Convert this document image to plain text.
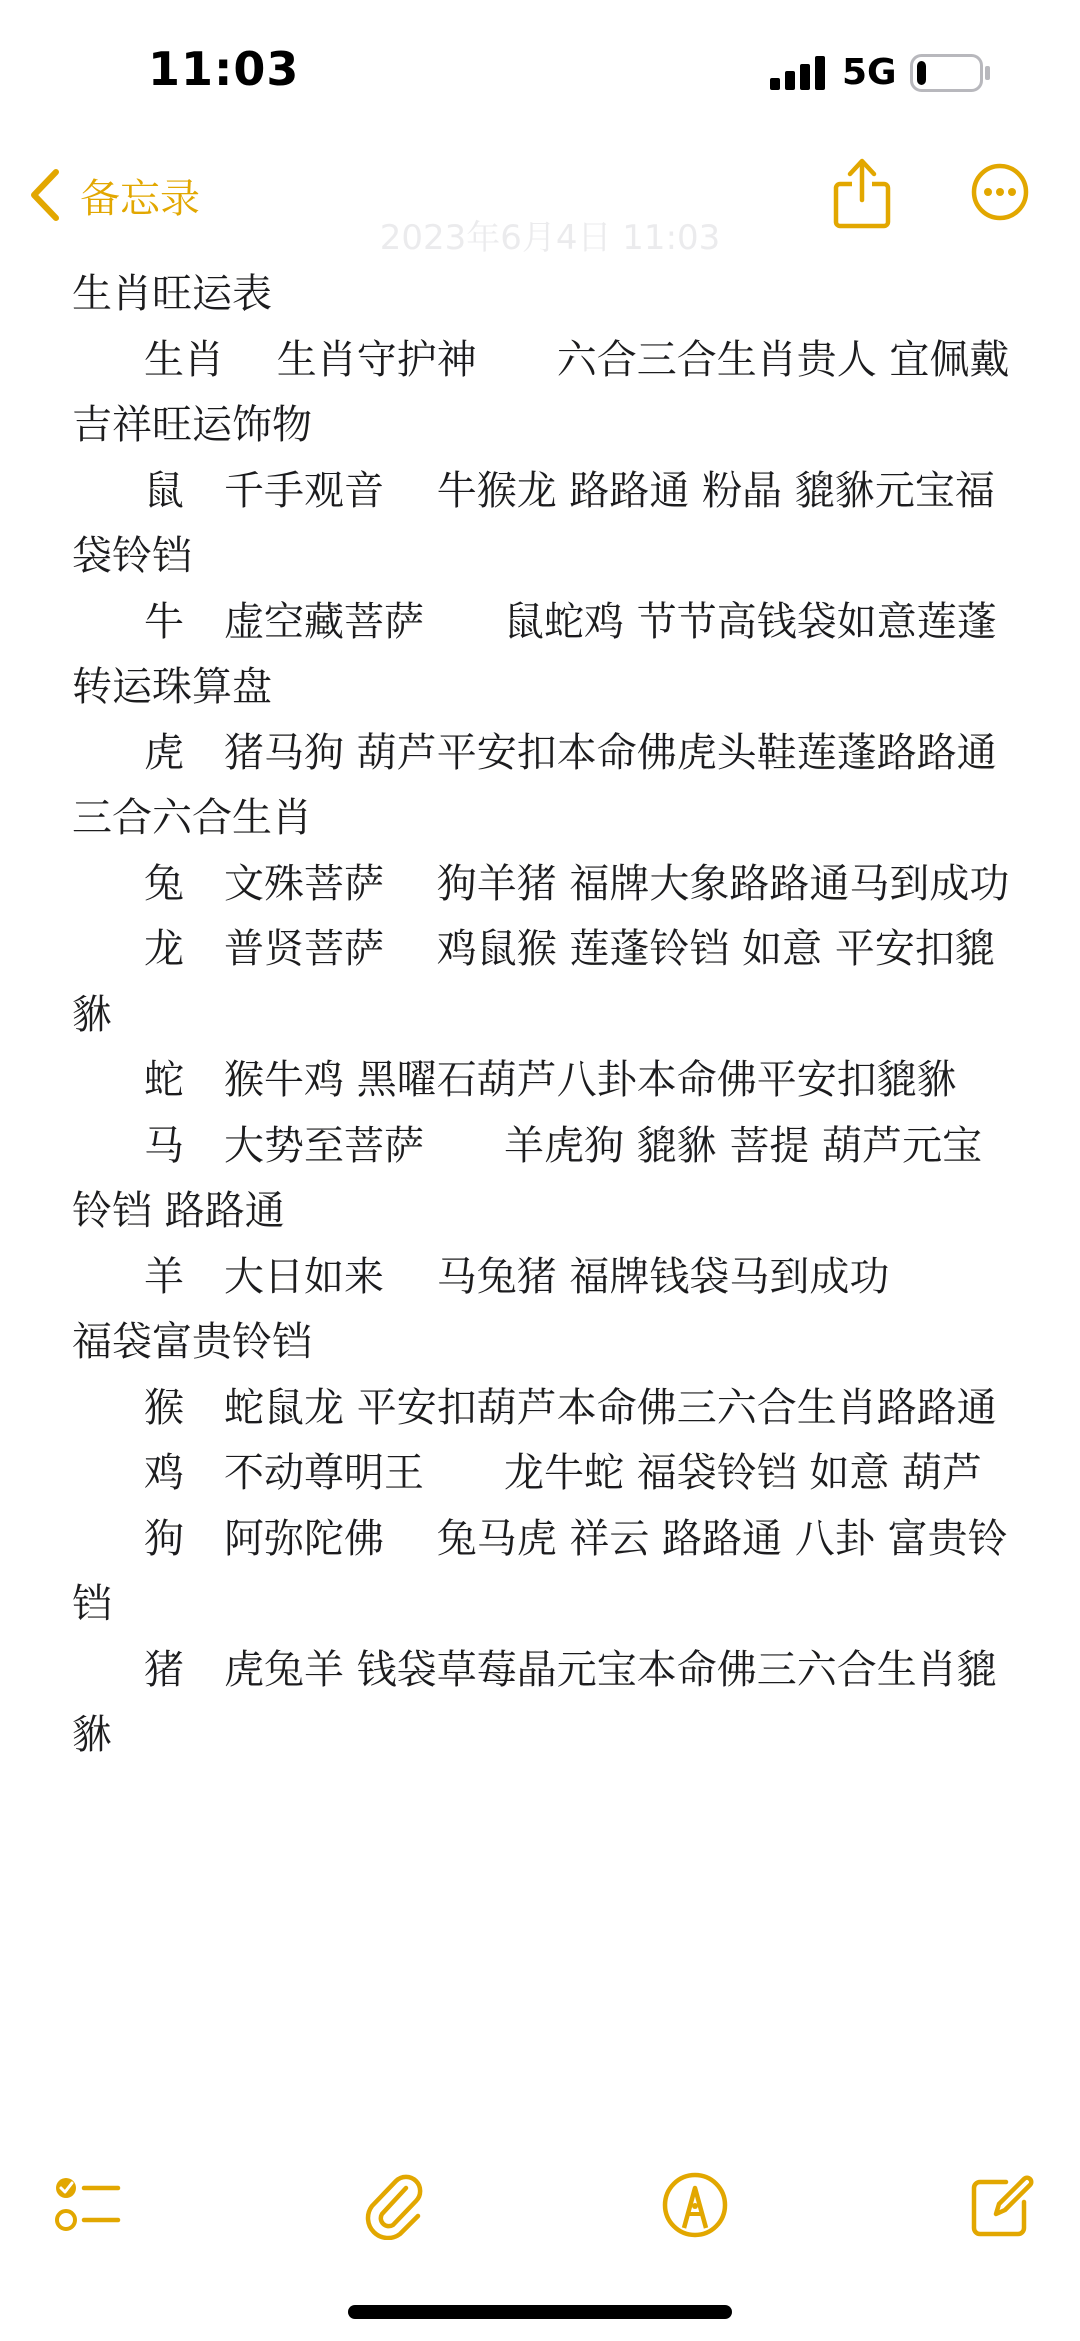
11:03	5G
备忘录
2023年6月4日 11:03

生肖旺运表

生肖　 生肖守护神　　六合三合生肖贵人 宜佩戴吉祥旺运饰物

鼠　千手观音　 牛猴龙 路路通 粉晶 貔貅元宝福袋铃铛

牛　虚空藏菩萨　　鼠蛇鸡 节节高钱袋如意莲蓬转运珠算盘

虎　猪马狗 葫芦平安扣本命佛虎头鞋莲蓬路路通三合六合生肖

兔　文殊菩萨　 狗羊猪 福牌大象路路通马到成功

龙　普贤菩萨　 鸡鼠猴 莲蓬铃铛 如意 平安扣貔貅

蛇　猴牛鸡 黑曜石葫芦八卦本命佛平安扣貔貅

马　大势至菩萨　　羊虎狗 貔貅 菩提 葫芦元宝铃铛 路路通

羊　大日如来　 马兔猪 福牌钱袋马到成功

福袋富贵铃铛

猴　蛇鼠龙 平安扣葫芦本命佛三六合生肖路路通

鸡　不动尊明王　　龙牛蛇 福袋铃铛 如意 葫芦

狗　阿弥陀佛　 兔马虎 祥云 路路通 八卦 富贵铃铛

猪　虎兔羊 钱袋草莓晶元宝本命佛三六合生肖貔貅
